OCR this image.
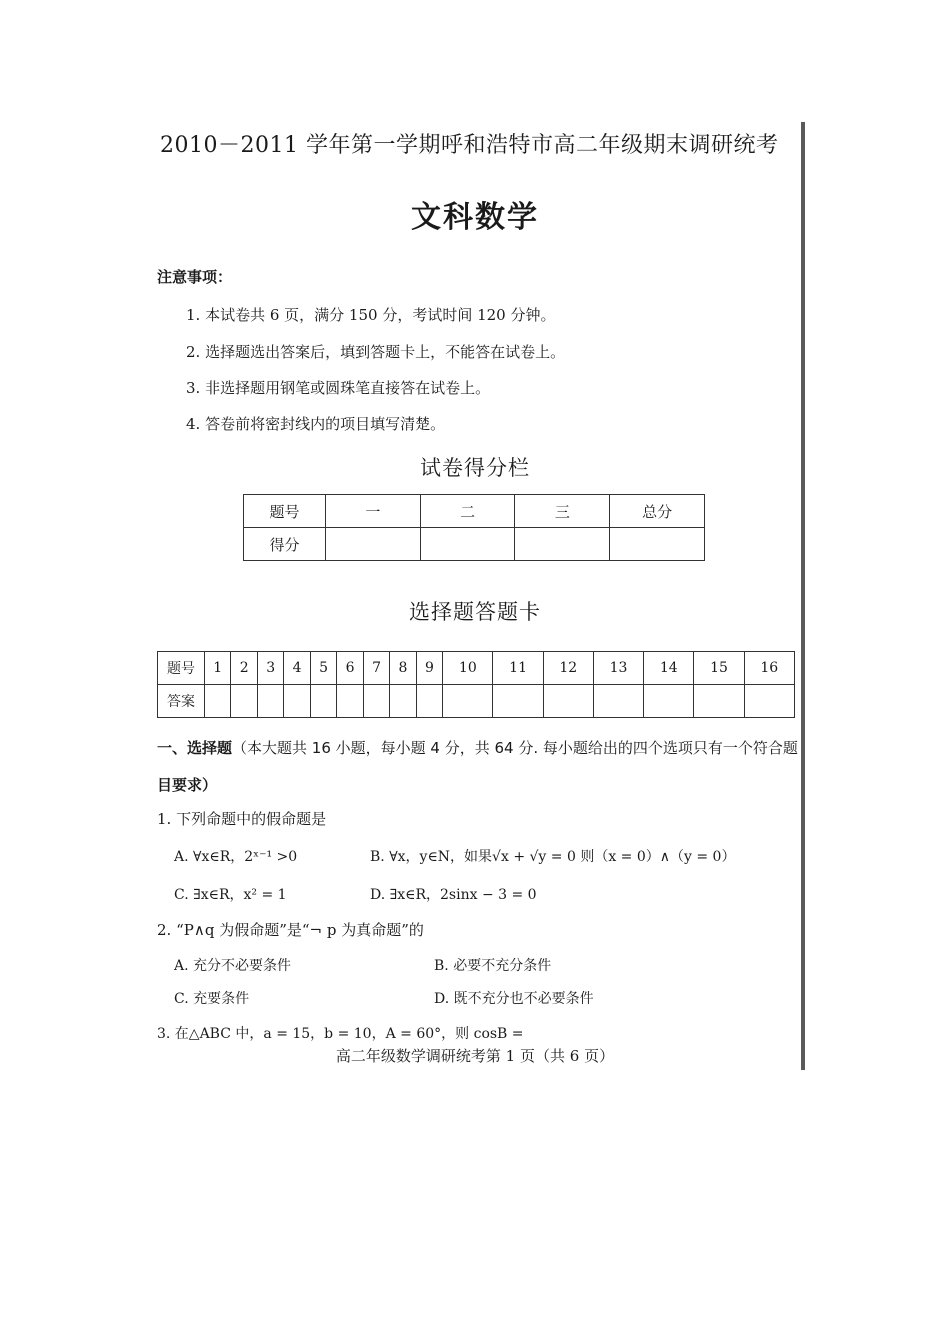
2010－2011 学年第一学期呼和浩特市高二年级期末调研统考
文科数学
注意事项：
1. 本试卷共 6 页，满分 150 分，考试时间 120 分钟。
2. 选择题选出答案后，填到答题卡上，不能答在试卷上。
3. 非选择题用钢笔或圆珠笔直接答在试卷上。
4. 答卷前将密封线内的项目填写清楚。
试卷得分栏
题号	一	二	三	总分
得分				
选择题答题卡
题号	1	2	3	4	5	6	7	8	9	10	11	12	13	14	15	16
答案																
一、选择题（本大题共 16 小题，每小题 4 分，共 64 分. 每小题给出的四个选项只有一个符合题
目要求）
1. 下列命题中的假命题是
A. ∀x∈R，2ˣ⁻¹ >0	B. ∀x，y∈N，如果√x + √y = 0 则（x = 0）∧（y = 0）
C. ∃x∈R，x² = 1	D. ∃x∈R，2sinx − 3 = 0
2. “P∧q 为假命题”是“¬ p 为真命题”的
A. 充分不必要条件	B. 必要不充分条件
C. 充要条件	D. 既不充分也不必要条件
3. 在△ABC 中，a = 15，b = 10，A = 60°，则 cosB =
高二年级数学调研统考第 1 页（共 6 页）
